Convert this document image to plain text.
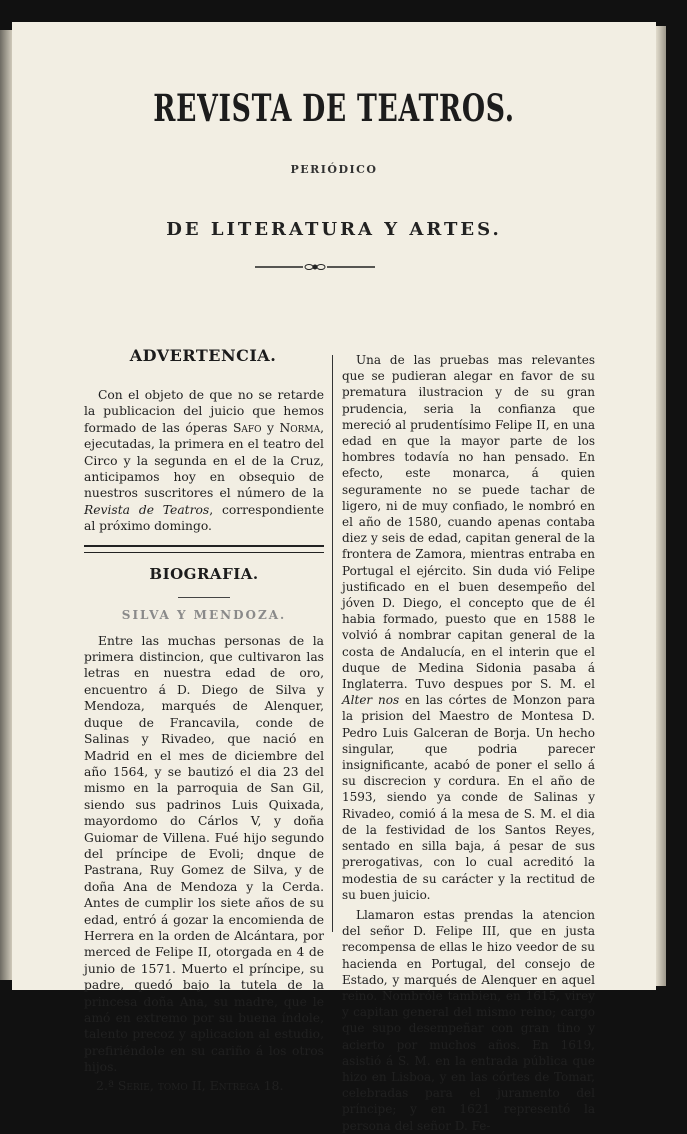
REVISTA DE TEATROS.
PERIÓDICO
DE LITERATURA Y ARTES.
ADVERTENCIA.

Con el objeto de que no se retarde la publicacion del juicio que hemos formado de las óperas Safo y Norma, ejecutadas, la primera en el teatro del Circo y la segunda en el de la Cruz, anticipamos hoy en obsequio de nuestros suscritores el número de la Revista de Teatros, correspondiente al próximo domingo.

BIOGRAFIA.
SILVA Y MENDOZA.

Entre las muchas personas de la primera distincion, que cultivaron las letras en nuestra edad de oro, encuentro á D. Diego de Silva y Mendoza, marqués de Alenquer, duque de Francavila, conde de Salinas y Rivadeo, que nació en Madrid en el mes de diciembre del año 1564, y se bautizó el dia 23 del mismo en la parroquia de San Gil, siendo sus padrinos Luis Quixada, mayordomo do Cárlos V, y doña Guiomar de Villena. Fué hijo segundo del príncipe de Evoli; dnque de Pastrana, Ruy Gomez de Silva, y de doña Ana de Mendoza y la Cerda. Antes de cumplir los siete años de su edad, entró á gozar la encomienda de Herrera en la orden de Alcántara, por merced de Felipe II, otorgada en 4 de junio de 1571. Muerto el príncipe, su padre, quedó bajo la tutela de la princesa doña Ana, su madre, que le amó en extremo por su buena índole, talento precoz y aplicacion al estudio, prefiriéndole en su cariño á los otros hijos.

2.ª Serie, tomo II, Entrega 18.

Una de las pruebas mas relevantes que se pudieran alegar en favor de su prematura ilustracion y de su gran prudencia, seria la confianza que mereció al prudentísimo Felipe II, en una edad en que la mayor parte de los hombres todavía no han pensado. En efecto, este monarca, á quien seguramente no se puede tachar de ligero, ni de muy confiado, le nombró en el año de 1580, cuando apenas contaba diez y seis de edad, capitan general de la frontera de Zamora, mientras entraba en Portugal el ejército. Sin duda vió Felipe justificado en el buen desempeño del jóven D. Diego, el concepto que de él habia formado, puesto que en 1588 le volvió á nombrar capitan general de la costa de Andalucía, en el interin que el duque de Medina Sidonia pasaba á Inglaterra. Tuvo despues por S. M. el Alter nos en las córtes de Monzon para la prision del Maestro de Montesa D. Pedro Luis Galceran de Borja. Un hecho singular, que podria parecer insignificante, acabó de poner el sello á su discrecion y cordura. En el año de 1593, siendo ya conde de Salinas y Rivadeo, comió á la mesa de S. M. el dia de la festividad de los Santos Reyes, sentado en silla baja, á pesar de sus prerogativas, con lo cual acreditó la modestia de su carácter y la rectitud de su buen juicio.

Llamaron estas prendas la atencion del señor D. Felipe III, que en justa recompensa de ellas le hizo veedor de su hacienda en Portugal, del consejo de Estado, y marqués de Alenquer en aquel reino. Nombróle tambien, en 1615, virey y capitan general del mismo reino; cargo que supo desempeñar con gran tino y acierto por muchos años. En 1619, asistió á S. M. en la entrada pública que hizo en Lisboa, y en las córtes de Tomar, celebradas para el juramento del príncipe; y en 1621 representó la persona del señor D. Fe-
